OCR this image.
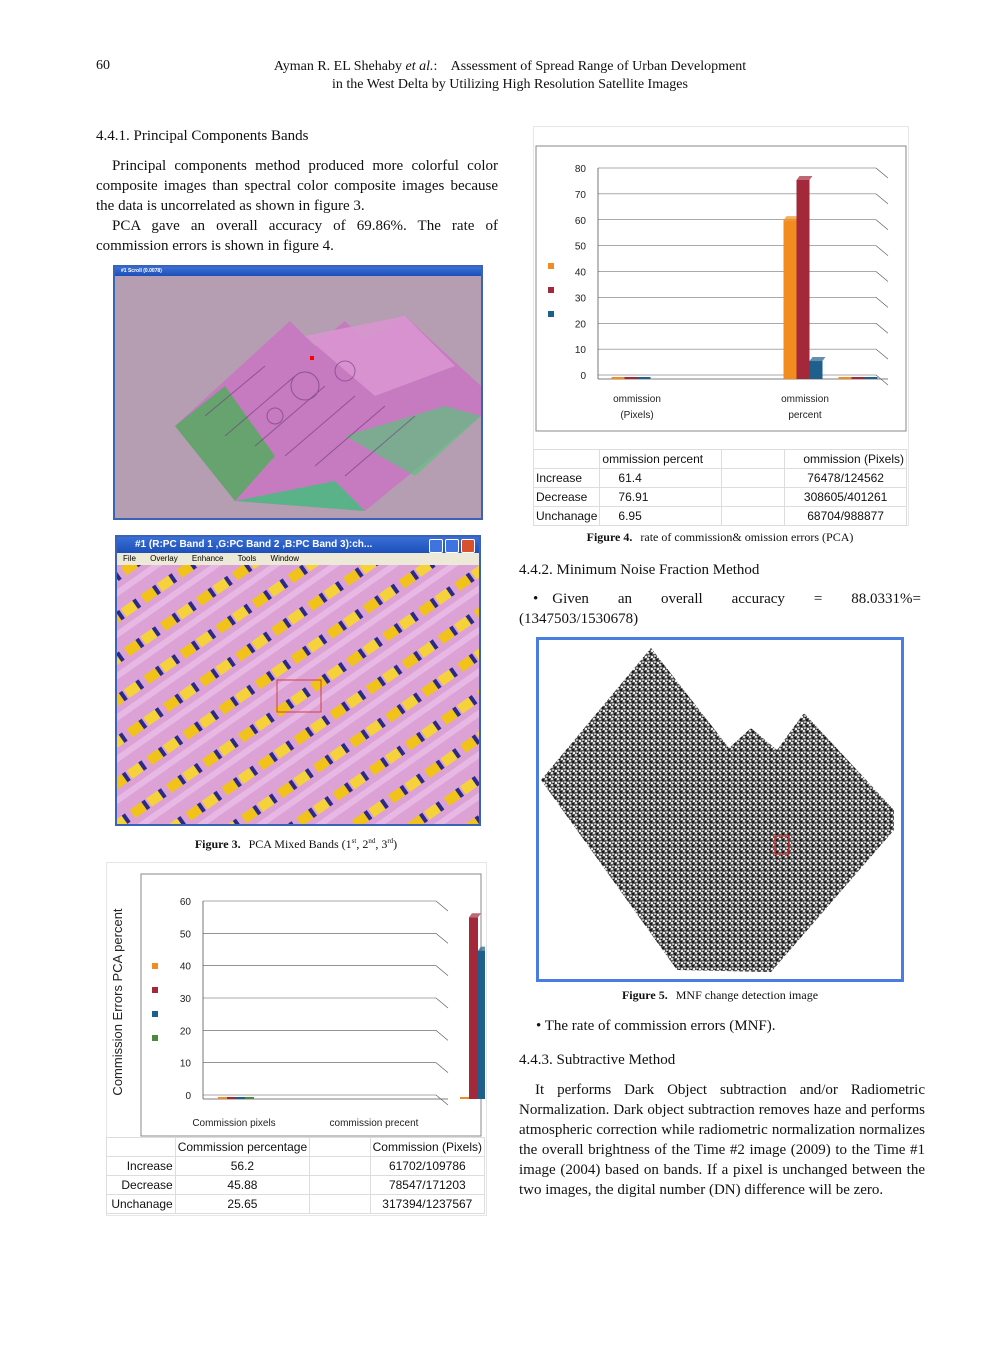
60	Ayman R. EL Shehaby et al.:    Assessment of Spread Range of Urban Development
in the West Delta by Utilizing High Resolution Satellite Images
4.4.1. Principal Components Bands

Principal components method produced more colorful color composite images than spectral color composite images because the data is uncorrelated as shown in figure 3.

PCA gave an overall accuracy of 69.86%. The rate of commission errors is shown in figure 4.

#1 Scroll (0.0078)
#1 (R:PC Band 1 ,G:PC Band 2 ,B:PC Band 3):ch...
File Overlay Enhance Tools Window
Figure 3. PCA Mixed Bands (1st, 2nd, 3rd)
0
10
20
30
40
50
60
Commission pixels	commission precent
Commission Errors PCA percent
	Commission percentage		Commission (Pixels)
Increase	56.2		61702/109786
Decrease	45.88		78547/171203
Unchanage	25.65		317394/1237567
0
10
20
30
40
50
60
70
80
ommission
(Pixels)
ommission
percent
	ommission percent		ommission (Pixels)
Increase	61.4		76478/124562
Decrease	76.91		308605/401261
Unchanage	6.95		68704/988877
Figure 4. rate of commission& omission errors (PCA)
4.4.2. Minimum Noise Fraction Method
• Given an overall accuracy = 88.0331%=
(1347503/1530678)
Figure 5. MNF change detection image
• The rate of commission errors (MNF).
4.4.3. Subtractive Method

It performs Dark Object subtraction and/or Radiometric Normalization. Dark object subtraction removes haze and performs atmospheric correction while radiometric normalization normalizes the overall brightness of the Time #2 image (2009) to the Time #1 image (2004) based on bands. If a pixel is unchanged between the two images, the digital number (DN) difference will be zero.
